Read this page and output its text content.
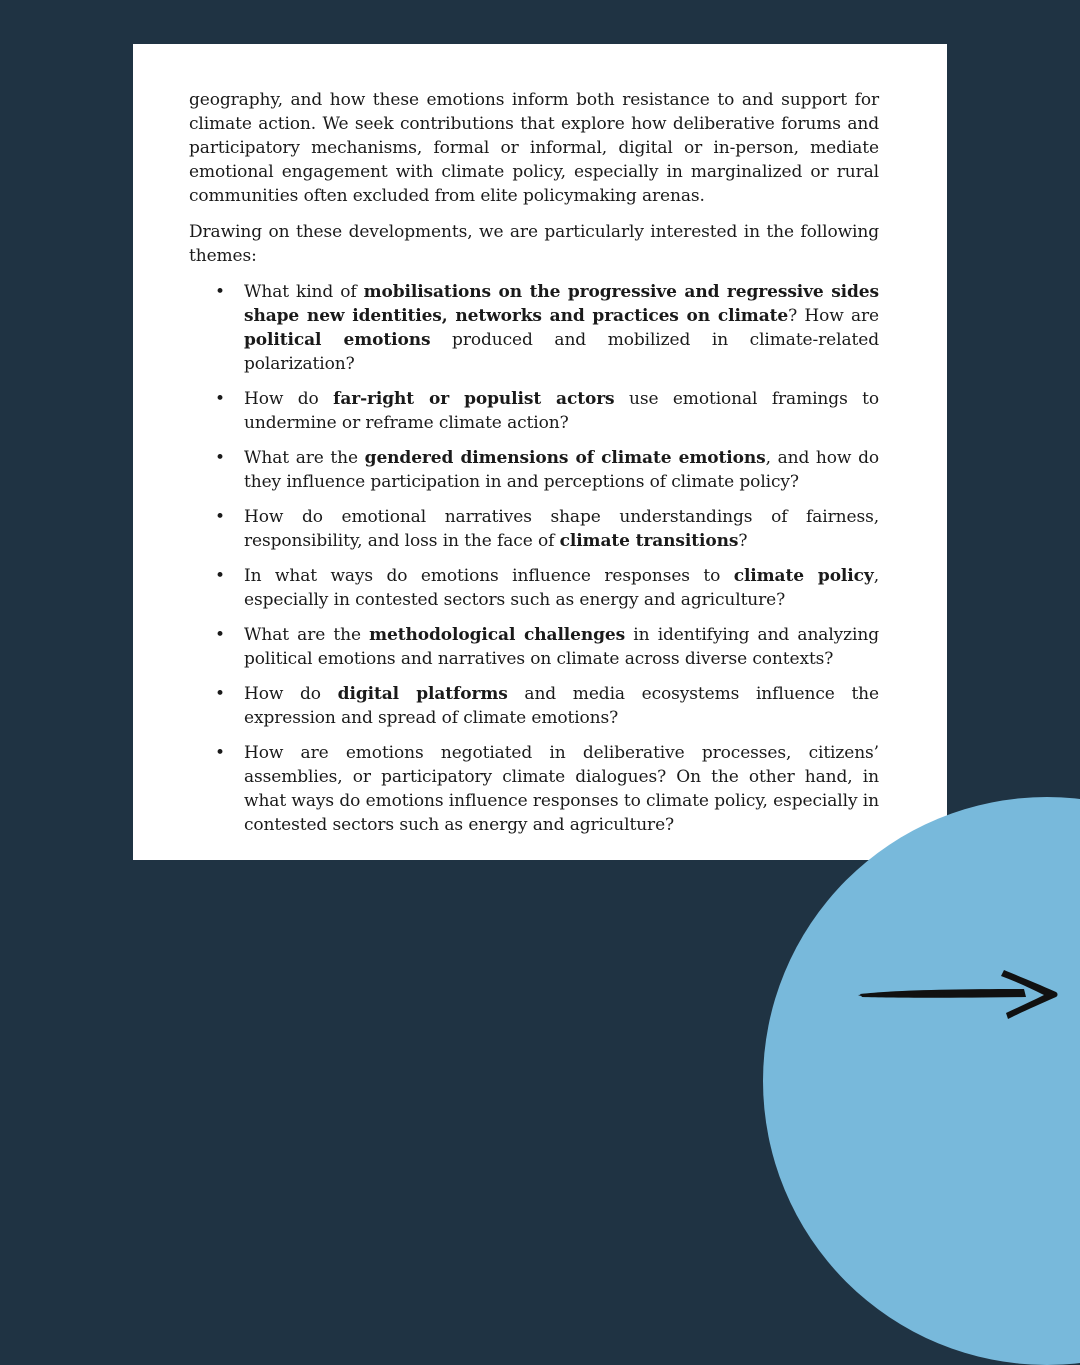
geography, and how these emotions inform both resistance to and support for climate action. We seek contributions that explore how deliberative forums and participatory mechanisms, formal or informal, digital or in-person, mediate emotional engagement with climate policy, especially in marginalized or rural communities often excluded from elite policymaking arenas.

Drawing on these developments, we are particularly interested in the following themes:

• What kind of mobilisations on the progressive and regressive sides shape new identities, networks and practices on climate? How are political emotions produced and mobilized in climate-related polarization?
• How do far-right or populist actors use emotional framings to undermine or reframe climate action?
• What are the gendered dimensions of climate emotions, and how do they influence participation in and perceptions of climate policy?
• How do emotional narratives shape understandings of fairness, responsibility, and loss in the face of climate transitions?
• In what ways do emotions influence responses to climate policy, especially in contested sectors such as energy and agriculture?
• What are the methodological challenges in identifying and analyzing political emotions and narratives on climate across diverse contexts?
• How do digital platforms and media ecosystems influence the expression and spread of climate emotions?
• How are emotions negotiated in deliberative processes, citizens’ assemblies, or participatory climate dialogues? On the other hand, in what ways do emotions influence responses to climate policy, especially in contested sectors such as energy and agriculture?
